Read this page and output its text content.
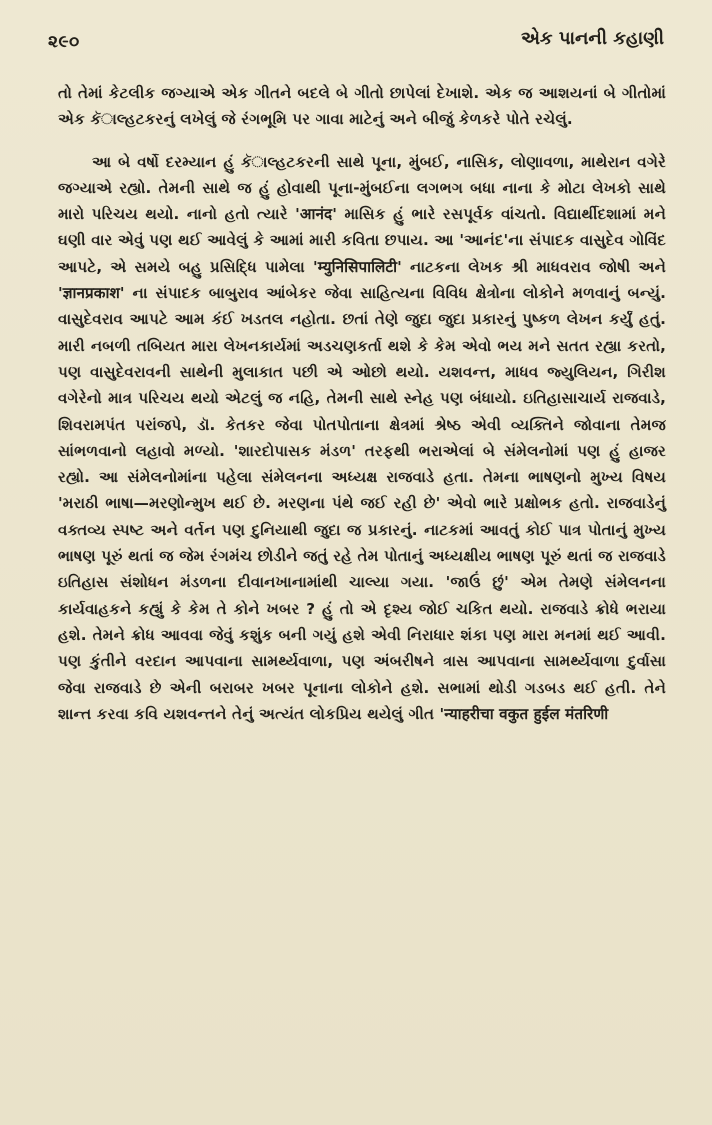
૨૯૦	એક પાનની કહાણી

તો તેમાં કેટલીક જગ્યાએ એક ગીતને બદલે બે ગીતો છાપેલાં દેખાશે. એક જ આશયનાં બે ગીતોમાં એક કૅાલ્હટકરનું લખેલું જે રંગભૂમિ પર ગાવા માટેનું અને બીજું કેળકરે પોતે રચેલું.

આ બે વર્ષો દરમ્યાન હું કૅાલ્હટકરની સાથે પૂના, મુંબઈ, નાસિક, લોણાવળા, માથેરાન વગેરે જગ્યાએ રહ્યો. તેમની સાથે જ હું હોવાથી પૂના-મુંબઈના લગભગ બધા નાના કે મોટા લેખકો સાથે મારો પરિચય થયો. નાનો હતો ત્યારે 'आनंद' માસિક હું ભારે રસપૂર્વક વાંચતો. વિદ્યાર્થીદશામાં મને ઘણી વાર એવું પણ થઈ આવેલું કે આમાં મારી કવિતા છપાય. આ 'આનંદ'ના સંપાદક વાસુદેવ ગોવિંદ આપટે, એ સમયે બહુ પ્રસિદ્ધિ પામેલા 'म्युनिसिपालिटी' નાટકના લેખક શ્રી માધવરાવ જોષી અને 'ज्ञानप्रकाश' ના સંપાદક બાબુરાવ આંબેકર જેવા સાહિત્યના વિવિધ ક્ષેત્રોના લોકોને મળવાનું બન્યું. વાસુદેવરાવ આપટે આમ કંઈ ખડતલ નહોતા. છતાં તેણે જુદા જુદા પ્રકારનું પુષ્કળ લેખન કર્યું હતું. મારી નબળી તબિયત મારા લેખનકાર્યમાં અડચણકર્તા થશે કે કેમ એવો ભય મને સતત રહ્યા કરતો, પણ વાસુદેવરાવની સાથેની મુલાકાત પછી એ ઓછો થયો. યશવન્ત, માધવ જ્યુલિયન, ગિરીશ વગેરેનો માત્ર પરિચય થયો એટલું જ નહિ, તેમની સાથે સ્નેહ પણ બંધાયો. ઇતિહાસાચાર્ય રાજવાડે, શિવરામપંત પરાંજપે, ડૉ. કેતકર જેવા પોતપોતાના ક્ષેત્રમાં શ્રેષ્ઠ એવી વ્યક્તિને જોવાના તેમજ સાંભળવાનો લહાવો મળ્યો. 'શારદોપાસક મંડળ' તરફથી ભરાએલાં બે સંમેલનોમાં પણ હું હાજર રહ્યો. આ સંમેલનોમાંના પહેલા સંમેલનના અધ્યક્ષ રાજવાડે હતા. તેમના ભાષણનો મુખ્ય વિષય 'મરાઠી ભાષા—મરણોન્મુખ થઈ છે. મરણના પંથે જઈ રહી છે' એવો ભારે પ્રક્ષોભક હતો. રાજવાડેનું વક્તવ્ય સ્પષ્ટ અને વર્તન પણ દુનિયાથી જુદા જ પ્રકારનું. નાટકમાં આવતું કોઈ પાત્ર પોતાનું મુખ્ય ભાષણ પૂરું થતાં જ જેમ રંગમંચ છોડીને જતું રહે તેમ પોતાનું અધ્યક્ષીય ભાષણ પૂરું થતાં જ રાજવાડે ઇતિહાસ સંશોધન મંડળના દીવાનખાનામાંથી ચાલ્યા ગયા. 'જાઉં છું' એમ તેમણે સંમેલનના કાર્યવાહકને કહ્યું કે કેમ તે કોને ખબર ? હું તો એ દૃશ્ય જોઈ ચકિત થયો. રાજવાડે ક્રોધે ભરાયા હશે. તેમને ક્રોધ આવવા જેવું કશુંક બની ગયું હશે એવી નિરાધાર શંકા પણ મારા મનમાં થઈ આવી. પણ કુંતીને વરદાન આપવાના સામર્થ્યવાળા, પણ અંબરીષને ત્રાસ આપવાના સામર્થ્યવાળા દુર્વાસા જેવા રાજવાડે છે એની બરાબર ખબર પૂનાના લોકોને હશે. સભામાં થોડી ગડબડ થઈ હતી. તેને શાન્ત કરવા કવિ યશવન્તને તેનું અત્યંત લોકપ્રિય થયેલું ગીત 'न्याहरीचा वकुत हुईल मंतरिणी
